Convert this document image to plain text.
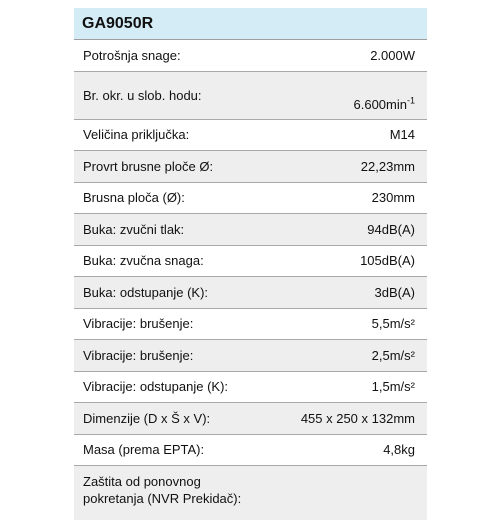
GA9050R	
Potrošnja snage:	2.000W
Br. okr. u slob. hodu:	$6.600\min^{-1}$
Veličina priključka:	M14
Provrt brusne ploče Ø:	22,23mm
Brusna ploča (Ø):	230mm
Buka: zvučni tlak:	94dB(A)
Buka: zvučna snaga:	105dB(A)
Buka: odstupanje (K):	3dB(A)
Vibracije: brušenje:	5,5m/s²
Vibracije: brušenje:	2,5m/s²
Vibracije: odstupanje (K):	1,5m/s²
Dimenzije (D x Š x V):	455 x 250 x 132mm
Masa (prema EPTA):	4,8kg
Zaštita od ponovnog pokretanja (NVR Prekidač):	
